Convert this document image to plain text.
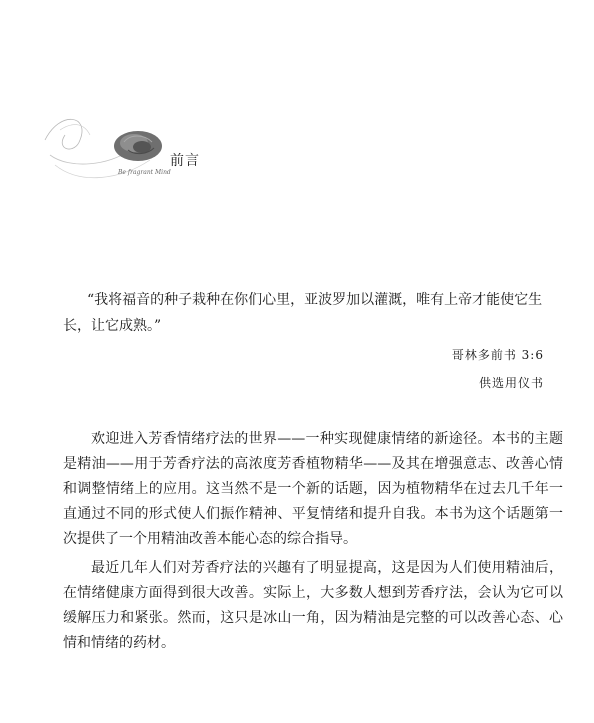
Be fragrant Mind
前言

“我将福音的种子栽种在你们心里，亚波罗加以灌溉，唯有上帝才能使它生长，让它成熟。”

哥林多前书 3:6
供选用仪书

欢迎进入芳香情绪疗法的世界——一种实现健康情绪的新途径。本书的主题是精油——用于芳香疗法的高浓度芳香植物精华——及其在增强意志、改善心情和调整情绪上的应用。这当然不是一个新的话题，因为植物精华在过去几千年一直通过不同的形式使人们振作精神、平复情绪和提升自我。本书为这个话题第一次提供了一个用精油改善本能心态的综合指导。

最近几年人们对芳香疗法的兴趣有了明显提高，这是因为人们使用精油后，在情绪健康方面得到很大改善。实际上，大多数人想到芳香疗法，会认为它可以缓解压力和紧张。然而，这只是冰山一角，因为精油是完整的可以改善心态、心情和情绪的药材。
